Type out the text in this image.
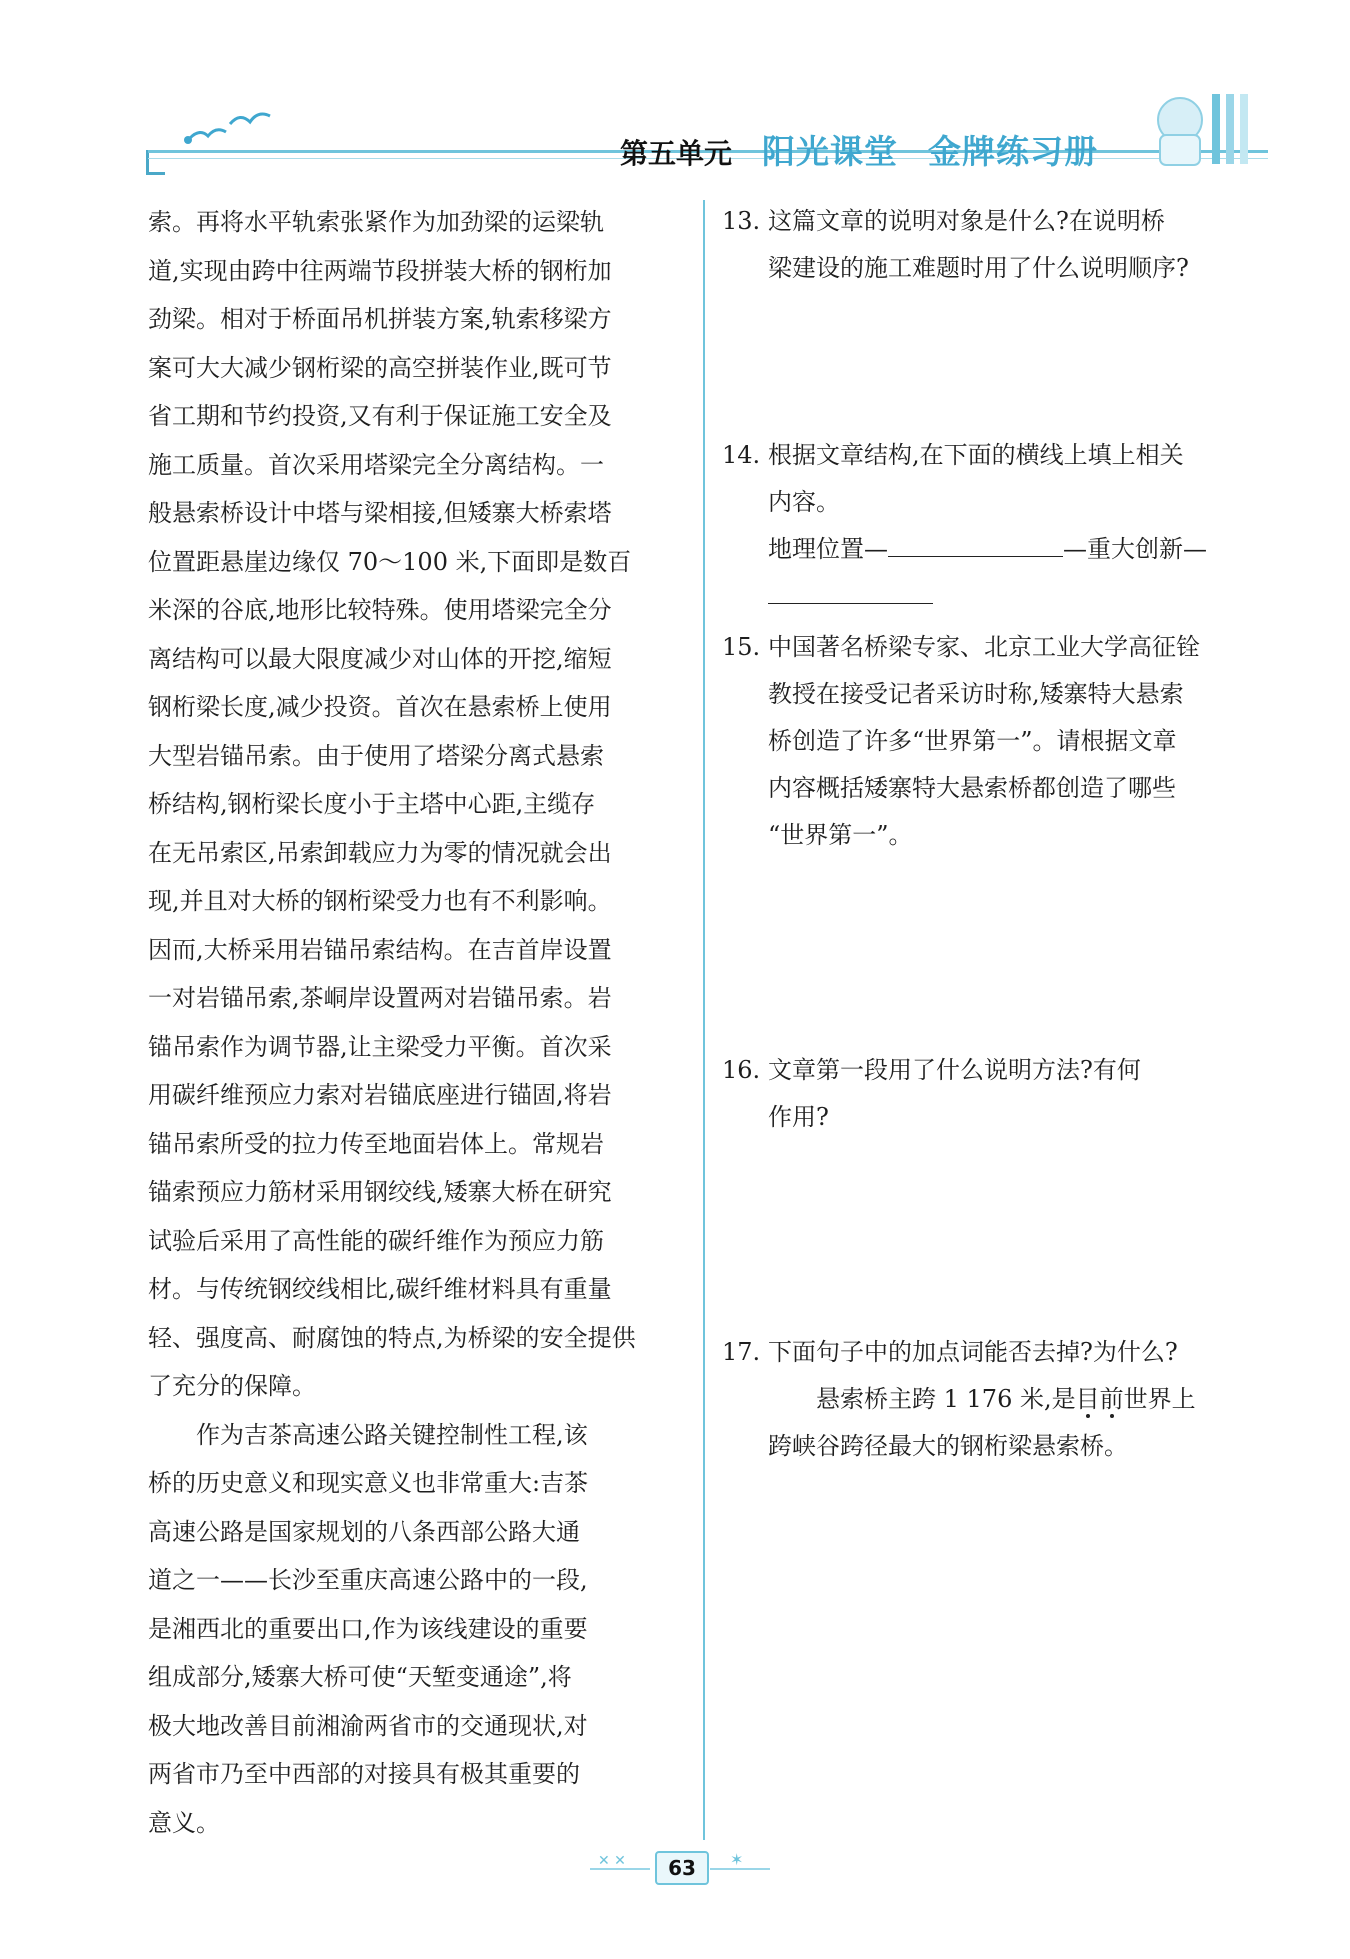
第五单元 阳光课堂 金牌练习册

索。再将水平轨索张紧作为加劲梁的运梁轨
道,实现由跨中往两端节段拼装大桥的钢桁加
劲梁。相对于桥面吊机拼装方案,轨索移梁方
案可大大减少钢桁梁的高空拼装作业,既可节
省工期和节约投资,又有利于保证施工安全及
施工质量。首次采用塔梁完全分离结构。一
般悬索桥设计中塔与梁相接,但矮寨大桥索塔
位置距悬崖边缘仅 70～100 米,下面即是数百
米深的谷底,地形比较特殊。使用塔梁完全分
离结构可以最大限度减少对山体的开挖,缩短
钢桁梁长度,减少投资。首次在悬索桥上使用
大型岩锚吊索。由于使用了塔梁分离式悬索
桥结构,钢桁梁长度小于主塔中心距,主缆存
在无吊索区,吊索卸载应力为零的情况就会出
现,并且对大桥的钢桁梁受力也有不利影响。
因而,大桥采用岩锚吊索结构。在吉首岸设置
一对岩锚吊索,茶峒岸设置两对岩锚吊索。岩
锚吊索作为调节器,让主梁受力平衡。首次采
用碳纤维预应力索对岩锚底座进行锚固,将岩
锚吊索所受的拉力传至地面岩体上。常规岩
锚索预应力筋材采用钢绞线,矮寨大桥在研究
试验后采用了高性能的碳纤维作为预应力筋
材。与传统钢绞线相比,碳纤维材料具有重量
轻、强度高、耐腐蚀的特点,为桥梁的安全提供
了充分的保障。

作为吉茶高速公路关键控制性工程,该
桥的历史意义和现实意义也非常重大:吉茶
高速公路是国家规划的八条西部公路大通
道之一——长沙至重庆高速公路中的一段,
是湘西北的重要出口,作为该线建设的重要
组成部分,矮寨大桥可使“天堑变通途”,将
极大地改善目前湘渝两省市的交通现状,对
两省市乃至中西部的对接具有极其重要的
意义。

13. 这篇文章的说明对象是什么?在说明桥
梁建设的施工难题时用了什么说明顺序?
14. 根据文章结构,在下面的横线上填上相关
内容。
地理位置—	—重大创新—

15. 中国著名桥梁专家、北京工业大学高征铨
教授在接受记者采访时称,矮寨特大悬索
桥创造了许多“世界第一”。请根据文章
内容概括矮寨特大悬索桥都创造了哪些
“世界第一”。
16. 文章第一段用了什么说明方法?有何
作用?
17. 下面句子中的加点词能否去掉?为什么?
悬索桥主跨 1 176 米,是目前世界上
跨峡谷跨径最大的钢桁梁悬索桥。
✕ ✕	✶
63
